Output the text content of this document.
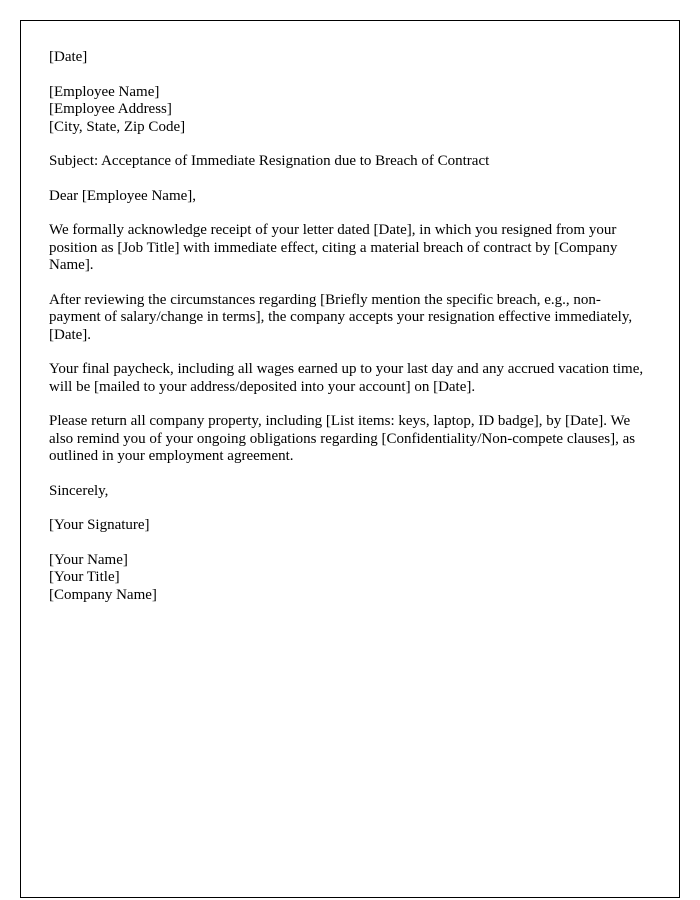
[Date]

[Employee Name]

[Employee Address]

[City, State, Zip Code]

Subject: Acceptance of Immediate Resignation due to Breach of Contract
Dear [Employee Name],

We formally acknowledge receipt of your letter dated [Date], in which you resigned from your position as [Job Title] with immediate effect, citing a material breach of contract by [Company Name].

After reviewing the circumstances regarding [Briefly mention the specific breach, e.g., non-payment of salary/change in terms], the company accepts your resignation effective immediately, [Date].

Your final paycheck, including all wages earned up to your last day and any accrued vacation time, will be [mailed to your address/deposited into your account] on [Date].

Please return all company property, including [List items: keys, laptop, ID badge], by [Date]. We also remind you of your ongoing obligations regarding [Confidentiality/Non-compete clauses], as outlined in your employment agreement.

Sincerely,
[Your Signature]

[Your Name]

[Your Title]

[Company Name]
